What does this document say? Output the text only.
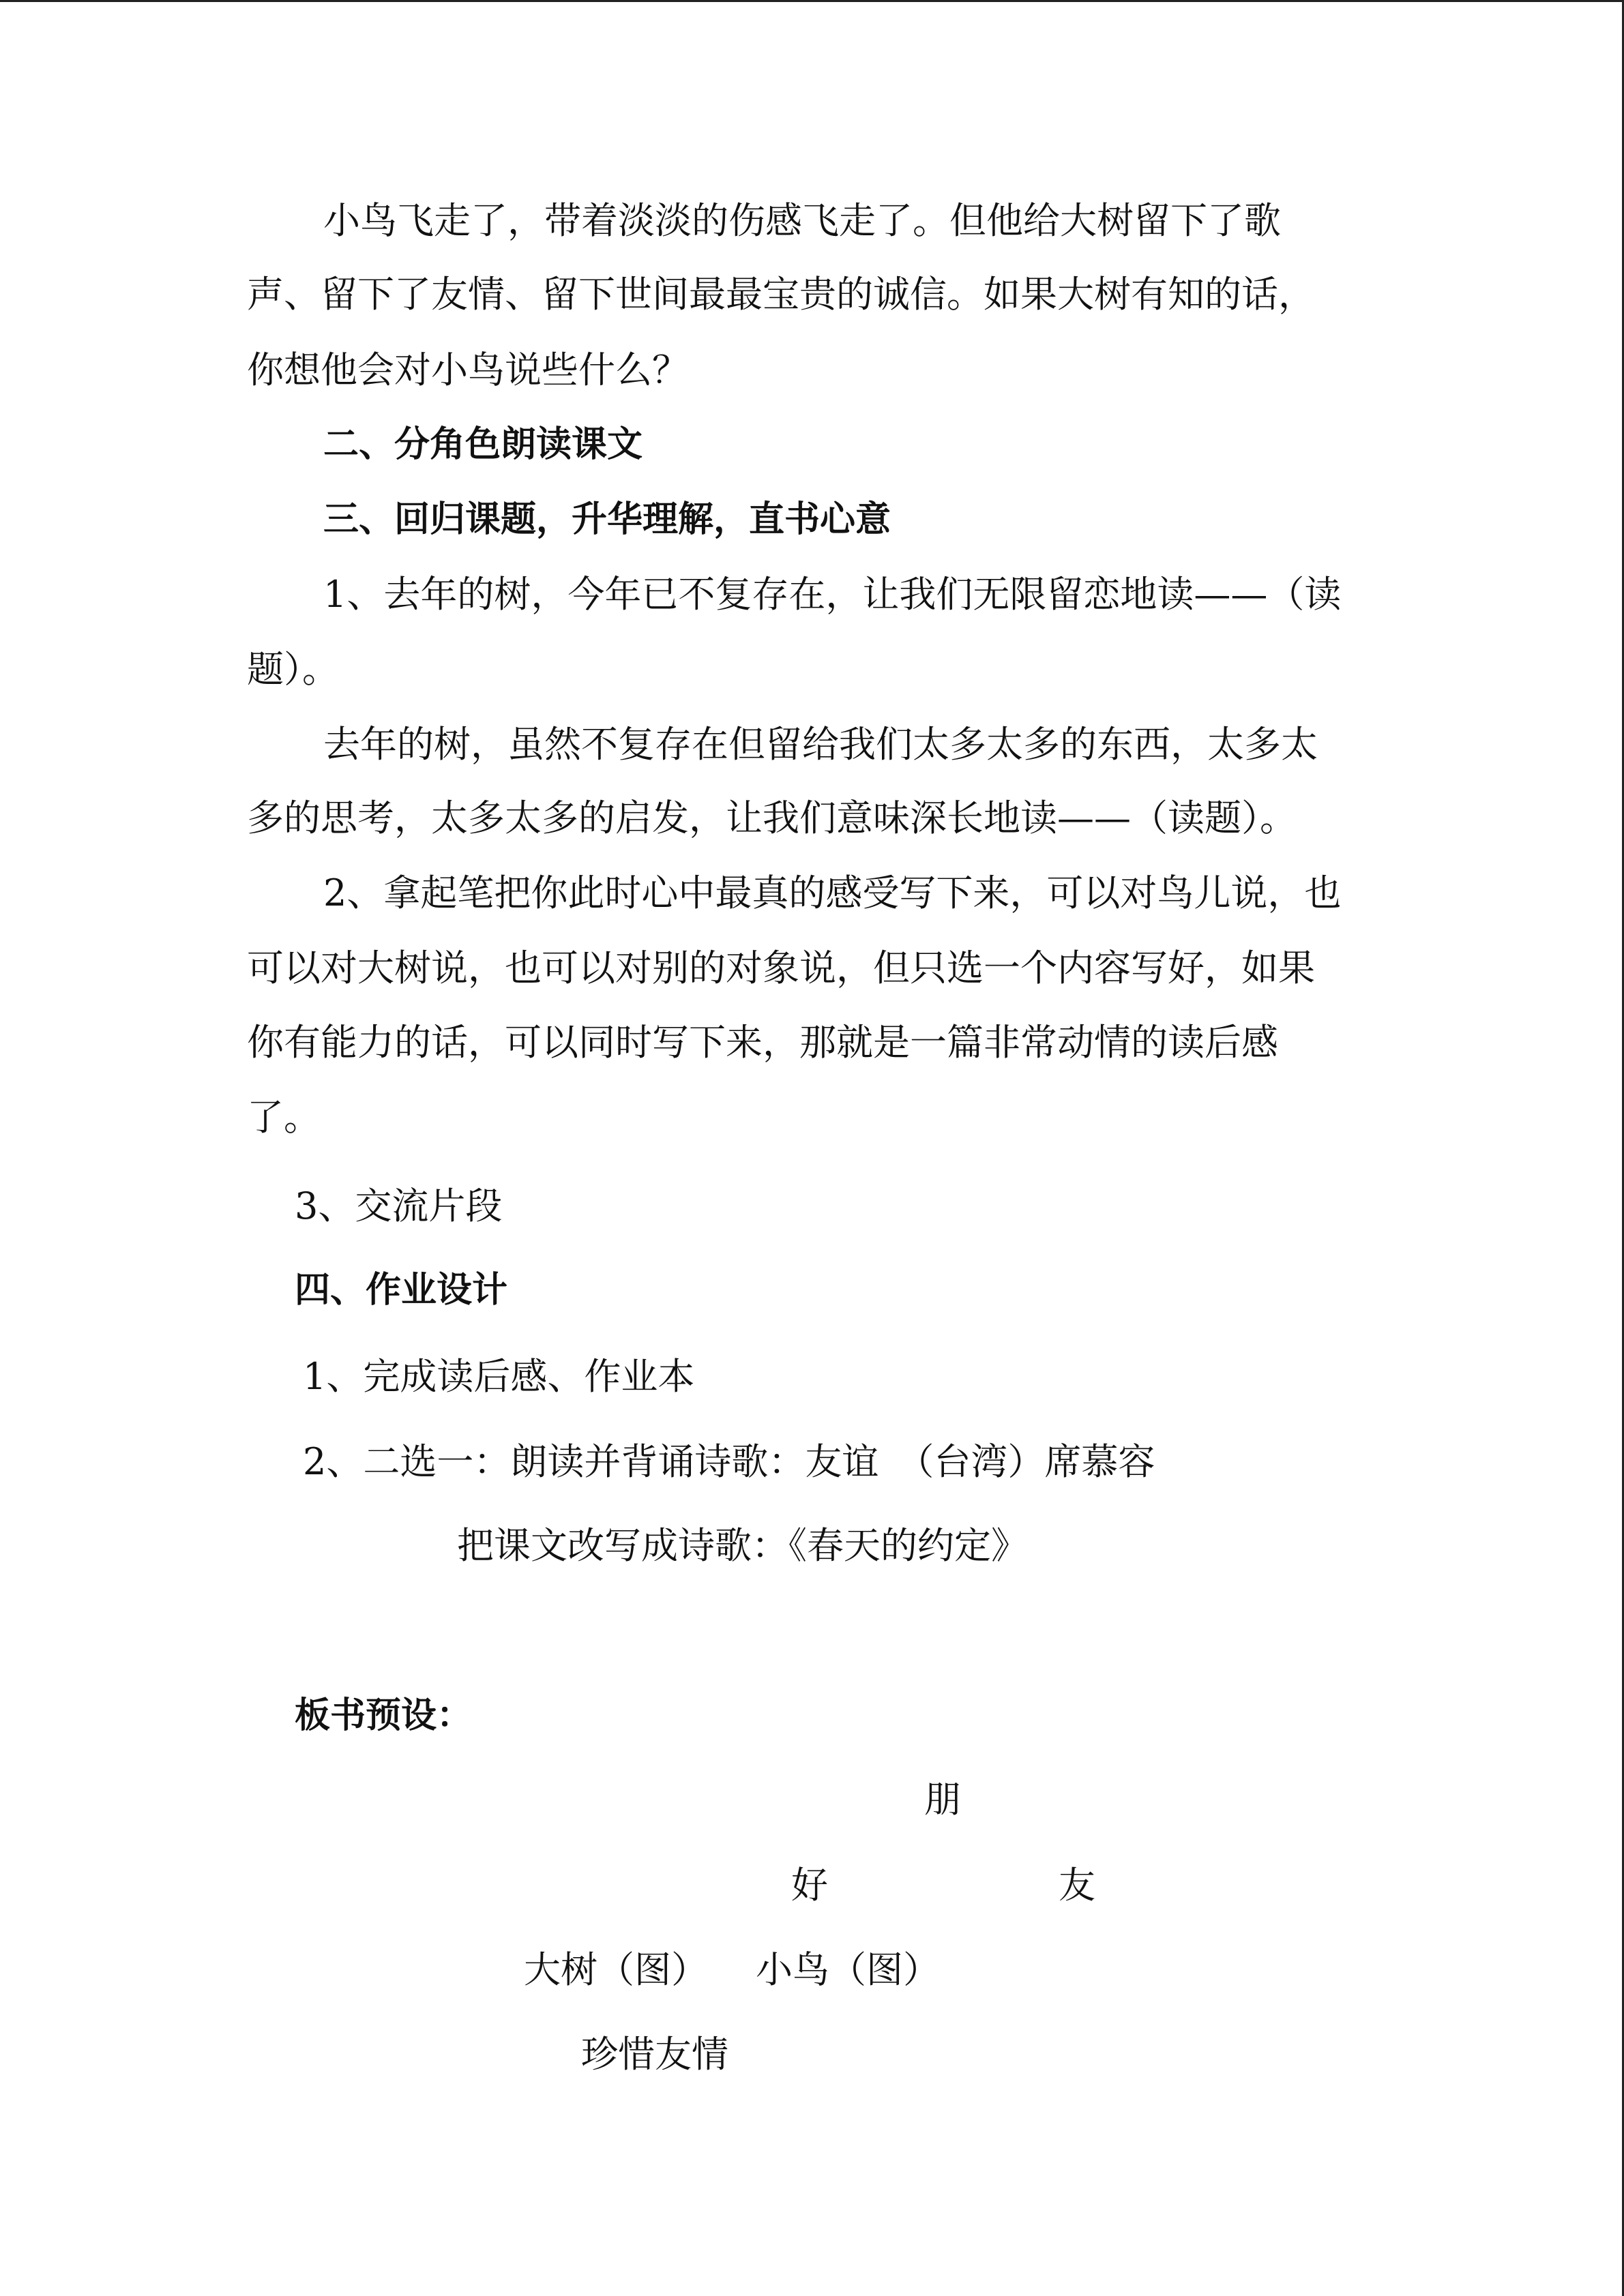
小鸟飞走了，带着淡淡的伤感飞走了。但他给大树留下了歌
声、留下了友情、留下世间最最宝贵的诚信。如果大树有知的话，
你想他会对小鸟说些什么？
二、分角色朗读课文
三、回归课题，升华理解，直书心意
1、去年的树，今年已不复存在，让我们无限留恋地读——（读
题）。
去年的树，虽然不复存在但留给我们太多太多的东西，太多太
多的思考，太多太多的启发，让我们意味深长地读——（读题）。
2、拿起笔把你此时心中最真的感受写下来，可以对鸟儿说，也
可以对大树说，也可以对别的对象说，但只选一个内容写好，如果
你有能力的话，可以同时写下来，那就是一篇非常动情的读后感
了。
3、交流片段
四、作业设计
1、完成读后感、作业本
2、二选一：朗读并背诵诗歌：友谊　（台湾）席慕容
把课文改写成诗歌：《春天的约定》
板书预设：
朋
好	友
大树（图） 小鸟（图）
珍惜友情
